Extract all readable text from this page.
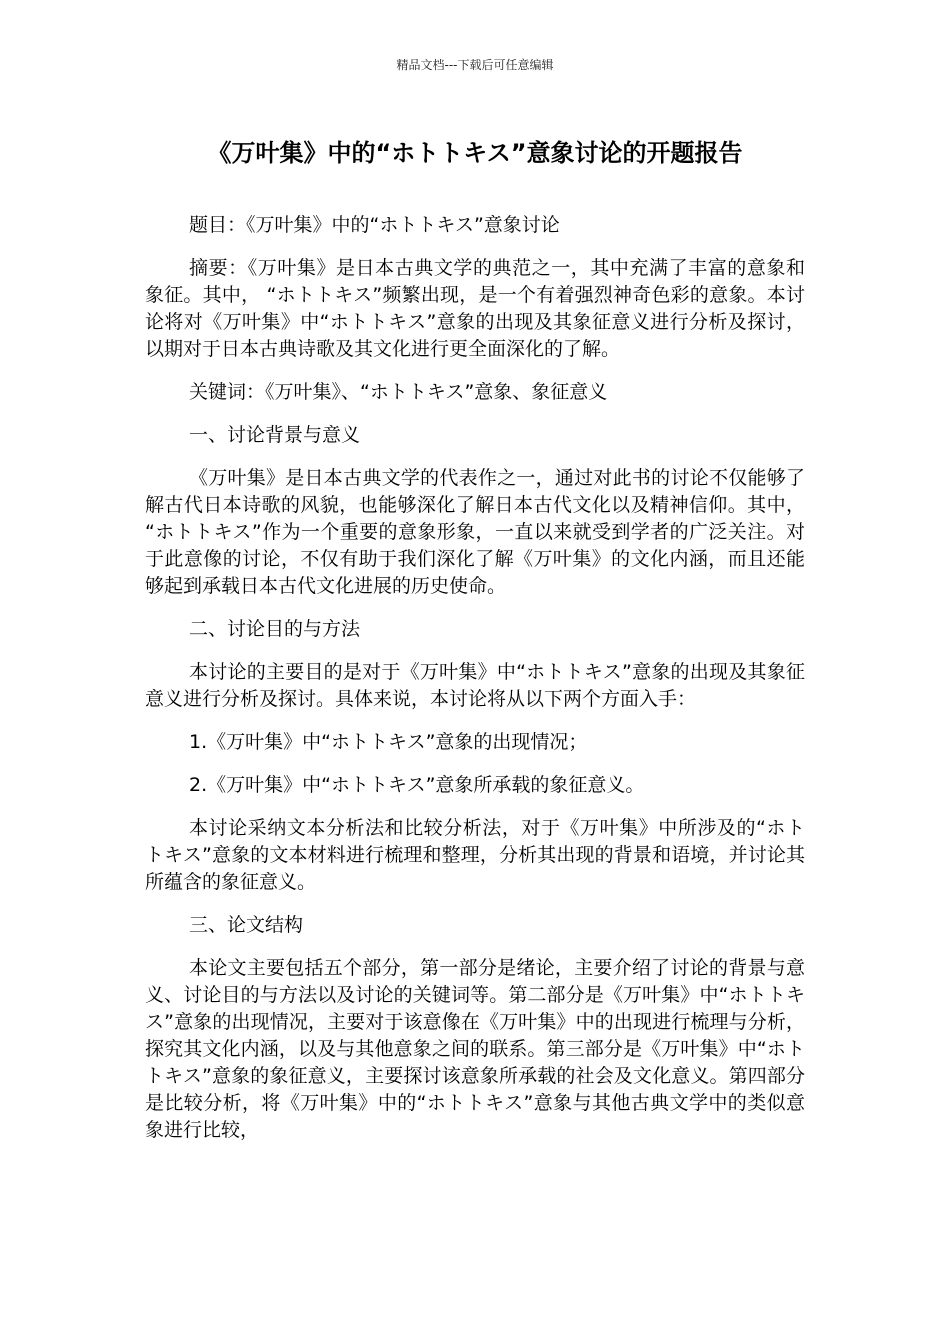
精品文档---下载后可任意编辑
《万叶集》中的“ホトトキス”意象讨论的开题报告

题目：《万叶集》中的“ホトトキス”意象讨论

摘要：《万叶集》是日本古典文学的典范之一，其中充满了丰富的意象和象征。其中， “ホトトキス”频繁出现，是一个有着强烈神奇色彩的意象。本讨论将对《万叶集》中“ホトトキス”意象的出现及其象征意义进行分析及探讨，以期对于日本古典诗歌及其文化进行更全面深化的了解。

关键词：《万叶集》、“ホトトキス”意象、象征意义

一、讨论背景与意义

《万叶集》是日本古典文学的代表作之一，通过对此书的讨论不仅能够了解古代日本诗歌的风貌，也能够深化了解日本古代文化以及精神信仰。其中， “ホトトキス”作为一个重要的意象形象，一直以来就受到学者的广泛关注。对于此意像的讨论，不仅有助于我们深化了解《万叶集》的文化内涵，而且还能够起到承载日本古代文化进展的历史使命。

二、讨论目的与方法

本讨论的主要目的是对于《万叶集》中“ホトトキス”意象的出现及其象征意义进行分析及探讨。具体来说，本讨论将从以下两个方面入手：

1.《万叶集》中“ホトトキス”意象的出现情况；

2.《万叶集》中“ホトトキス”意象所承载的象征意义。

本讨论采纳文本分析法和比较分析法，对于《万叶集》中所涉及的“ホトトキス”意象的文本材料进行梳理和整理，分析其出现的背景和语境，并讨论其所蕴含的象征意义。

三、论文结构

本论文主要包括五个部分，第一部分是绪论，主要介绍了讨论的背景与意义、讨论目的与方法以及讨论的关键词等。第二部分是《万叶集》中“ホトトキス”意象的出现情况，主要对于该意像在《万叶集》中的出现进行梳理与分析，探究其文化内涵，以及与其他意象之间的联系。第三部分是《万叶集》中“ホトトキス”意象的象征意义，主要探讨该意象所承载的社会及文化意义。第四部分是比较分析，将《万叶集》中的“ホトトキス”意象与其他古典文学中的类似意象进行比较，
